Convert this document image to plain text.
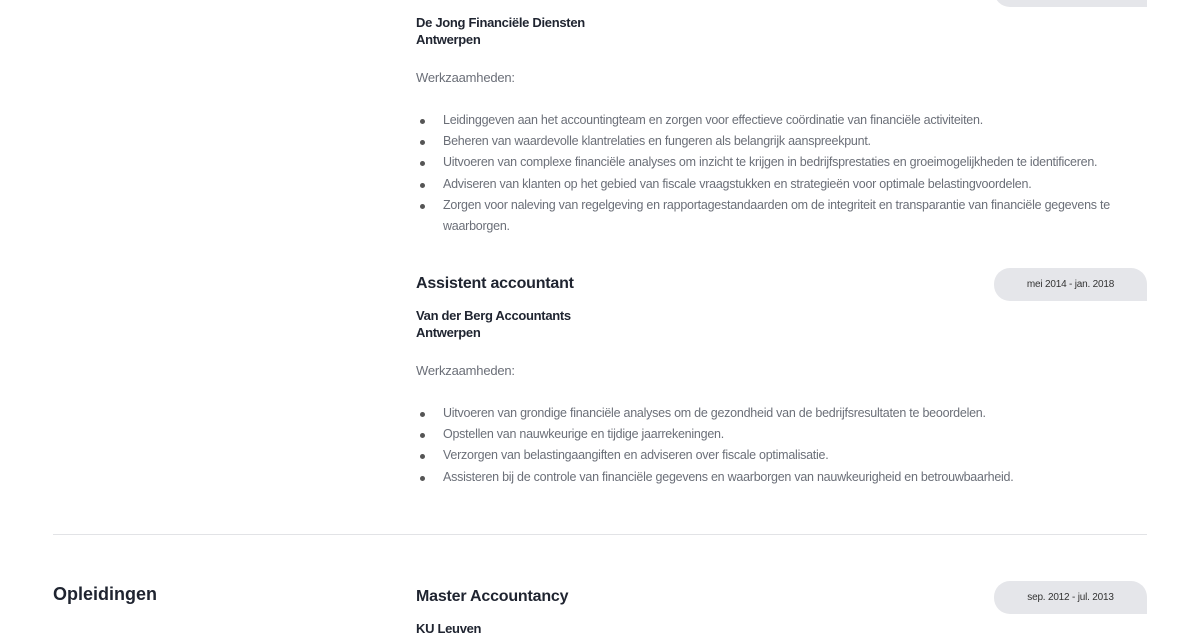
De Jong Financiële Diensten
Antwerpen
Werkzaamheden:
Leidinggeven aan het accountingteam en zorgen voor effectieve coördinatie van financiële activiteiten.
Beheren van waardevolle klantrelaties en fungeren als belangrijk aanspreekpunt.
Uitvoeren van complexe financiële analyses om inzicht te krijgen in bedrijfsprestaties en groeimogelijkheden te identificeren.
Adviseren van klanten op het gebied van fiscale vraagstukken en strategieën voor optimale belastingvoordelen.
Zorgen voor naleving van regelgeving en rapportagestandaarden om de integriteit en transparantie van financiële gegevens te waarborgen.
Assistent accountant	mei 2014 - jan. 2018
Van der Berg Accountants
Antwerpen
Werkzaamheden:
Uitvoeren van grondige financiële analyses om de gezondheid van de bedrijfsresultaten te beoordelen.
Opstellen van nauwkeurige en tijdige jaarrekeningen.
Verzorgen van belastingaangiften en adviseren over fiscale optimalisatie.
Assisteren bij de controle van financiële gegevens en waarborgen van nauwkeurigheid en betrouwbaarheid.
Opleidingen	Master Accountancy	sep. 2012 - jul. 2013
KU Leuven
